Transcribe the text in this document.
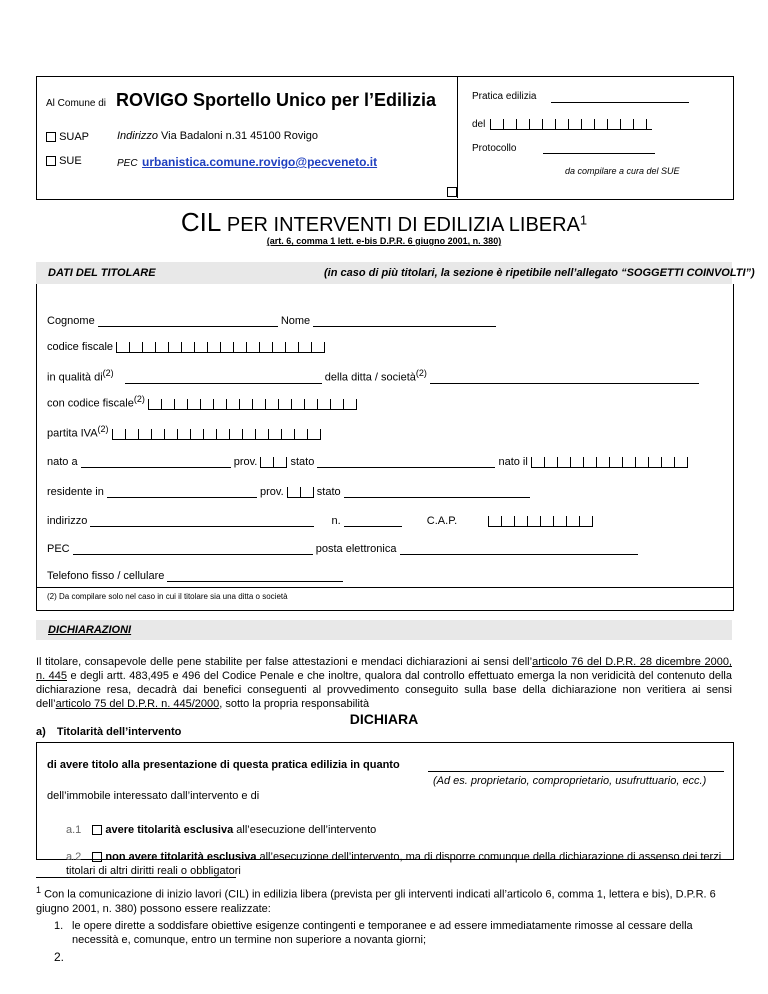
Al Comune di ROVIGO Sportello Unico per l’Edilizia
SUAP
SUE
Indirizzo Via Badaloni n.31 45100 Rovigo
PEC urbanistica.comune.rovigo@pecveneto.it
Pratica edilizia
del
Protocollo
da compilare a cura del SUE
CIL PER INTERVENTI DI EDILIZIA LIBERA$^1$
(art. 6, comma 1 lett. e-bis D.P.R. 6 giugno 2001, n. 380)
DATI DEL TITOLARE	(in caso di più titolari, la sezione è ripetibile nell’allegato “SOGGETTI COINVOLTI”)
Cognome	Nome
codice fiscale
in qualità $di^{(2)}$	della ditta / società$^{(2)}$
con codice fiscale$^{(2)}$
partita IVA$^{(2)}$
nato a	prov.	stato	nato il
residente in	prov.	stato
indirizzo	n.	C.A.P.
PEC	posta elettronica
Telefono fisso / cellulare
(2) Da compilare solo nel caso in cui il titolare sia una ditta o società
DICHIARAZIONI
Il titolare, consapevole delle pene stabilite per false attestazioni e mendaci dichiarazioni ai sensi dell’articolo 76 del D.P.R. 28 dicembre 2000, n. 445 e degli artt. 483,495 e 496 del Codice Penale e che inoltre, qualora dal controllo effettuato emerga la non veridicità del contenuto della dichiarazione resa, decadrà dai benefici conseguenti al provvedimento conseguito sulla base della dichiarazione non veritiera ai sensi dell’articolo 75 del D.P.R. n. 445/2000, sotto la propria responsabilità
DICHIARA
a) Titolarità dell’intervento
di avere titolo alla presentazione di questa pratica edilizia in quanto
(Ad es. proprietario, comproprietario, usufruttuario, ecc.)
dell’immobile interessato dall’intervento e di
a.1 avere titolarità esclusiva all’esecuzione dell’intervento
a.2 non avere titolarità esclusiva all’esecuzione dell’intervento, ma di disporre comunque della dichiarazione di assenso dei terzi titolari di altri diritti reali o obbligatori
$^1$ Con la comunicazione di inizio lavori (CIL) in edilizia libera (prevista per gli interventi indicati all’articolo 6, comma 1, lettera e bis), D.P.R. 6 giugno 2001, n. 380) possono essere realizzate:
1. le opere dirette a soddisfare obiettive esigenze contingenti e temporanee e ad essere immediatamente rimosse al cessare della necessità e, comunque, entro un termine non superiore a novanta giorni;
2.
